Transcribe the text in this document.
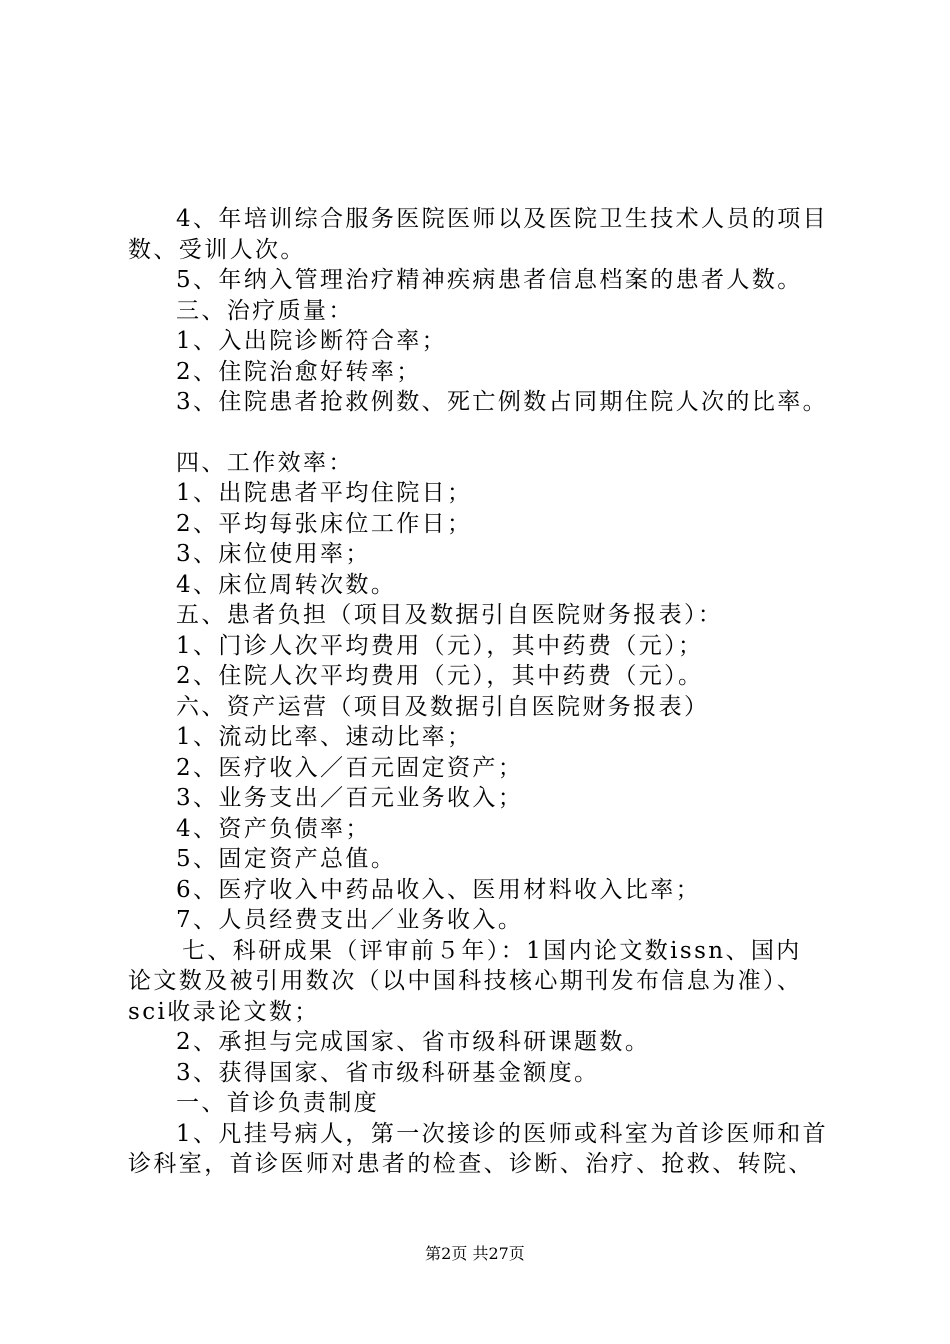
4、年培训综合服务医院医师以及医院卫生技术人员的项目
数、受训人次。
5、年纳入管理治疗精神疾病患者信息档案的患者人数。
三、治疗质量：
1、入出院诊断符合率；
2、住院治愈好转率；
3、住院患者抢救例数、死亡例数占同期住院人次的比率。
四、工作效率：
1、出院患者平均住院日；
2、平均每张床位工作日；
3、床位使用率；
4、床位周转次数。
五、患者负担（项目及数据引自医院财务报表）：
1、门诊人次平均费用（元），其中药费（元）；
2、住院人次平均费用（元），其中药费（元）。
六、资产运营（项目及数据引自医院财务报表）
1、流动比率、速动比率；
2、医疗收入／百元固定资产；
3、业务支出／百元业务收入；
4、资产负债率；
5、固定资产总值。
6、医疗收入中药品收入、医用材料收入比率；
7、人员经费支出／业务收入。
七、科研成果（评审前５年）：1国内论文数issn、国内
论文数及被引用数次（以中国科技核心期刊发布信息为准）、
sci收录论文数；
2、承担与完成国家、省市级科研课题数。
3、获得国家、省市级科研基金额度。
一、首诊负责制度
1、凡挂号病人，第一次接诊的医师或科室为首诊医师和首
诊科室，首诊医师对患者的检查、诊断、治疗、抢救、转院、
第2页 共27页
